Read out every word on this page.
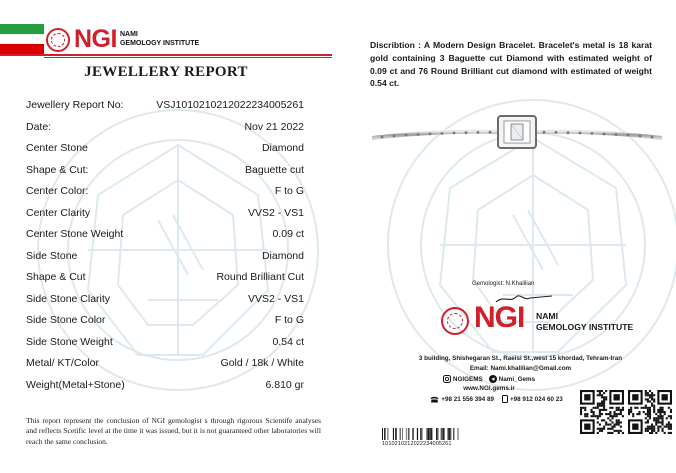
NGI NAMI
GEMOLOGY INSTITUTE
JEWELLERY REPORT
Jewellery Report No:	VSJ1010210212022234005261
Date:	Nov 21 2022
Center Stone	Diamond
Shape & Cut:	Baguette cut
Center Color:	F to G
Center Clarity	VVS2 - VS1
Center Stone Weight	0.09 ct
Side Stone	Diamond
Shape & Cut	Round Brilliant Cut
Side Stone Clarity	VVS2 - VS1
Side Stone Color	F to G
Side Stone Weight	0.54 ct
Metal/ KT/Color	Gold / 18k / White
Weight(Metal+Stone)	6.810 gr
This report represent the conclusion of NGI gemologist s through rigorous Scientife analyses and reflects Scetific level at the time it was issued, but it is not guaranteed other laboratories will reach the same conclusion.
Discribtion : A Modern Design Bracelet. Bracelet's metal is 18 karat gold containing 3 Baguette cut Diamond with estimated weight of 0.09 ct and 76 Round Brilliant cut diamond with estimated of weight 0.54 ct.
Gemologist: N.Khalilian
NGI NAMI
GEMOLOGY INSTITUTE
3 building, Shishegaran St., Raeisi St.,west 15 khordad, Tehram-Iran
Email: Nami.khalilian@Gmail.com
NGIGEMS	Nami_Gems
www.NGI.gems.ir
+98 21 556 394 89	+98 912 024 60 23
1010210212022234005261
